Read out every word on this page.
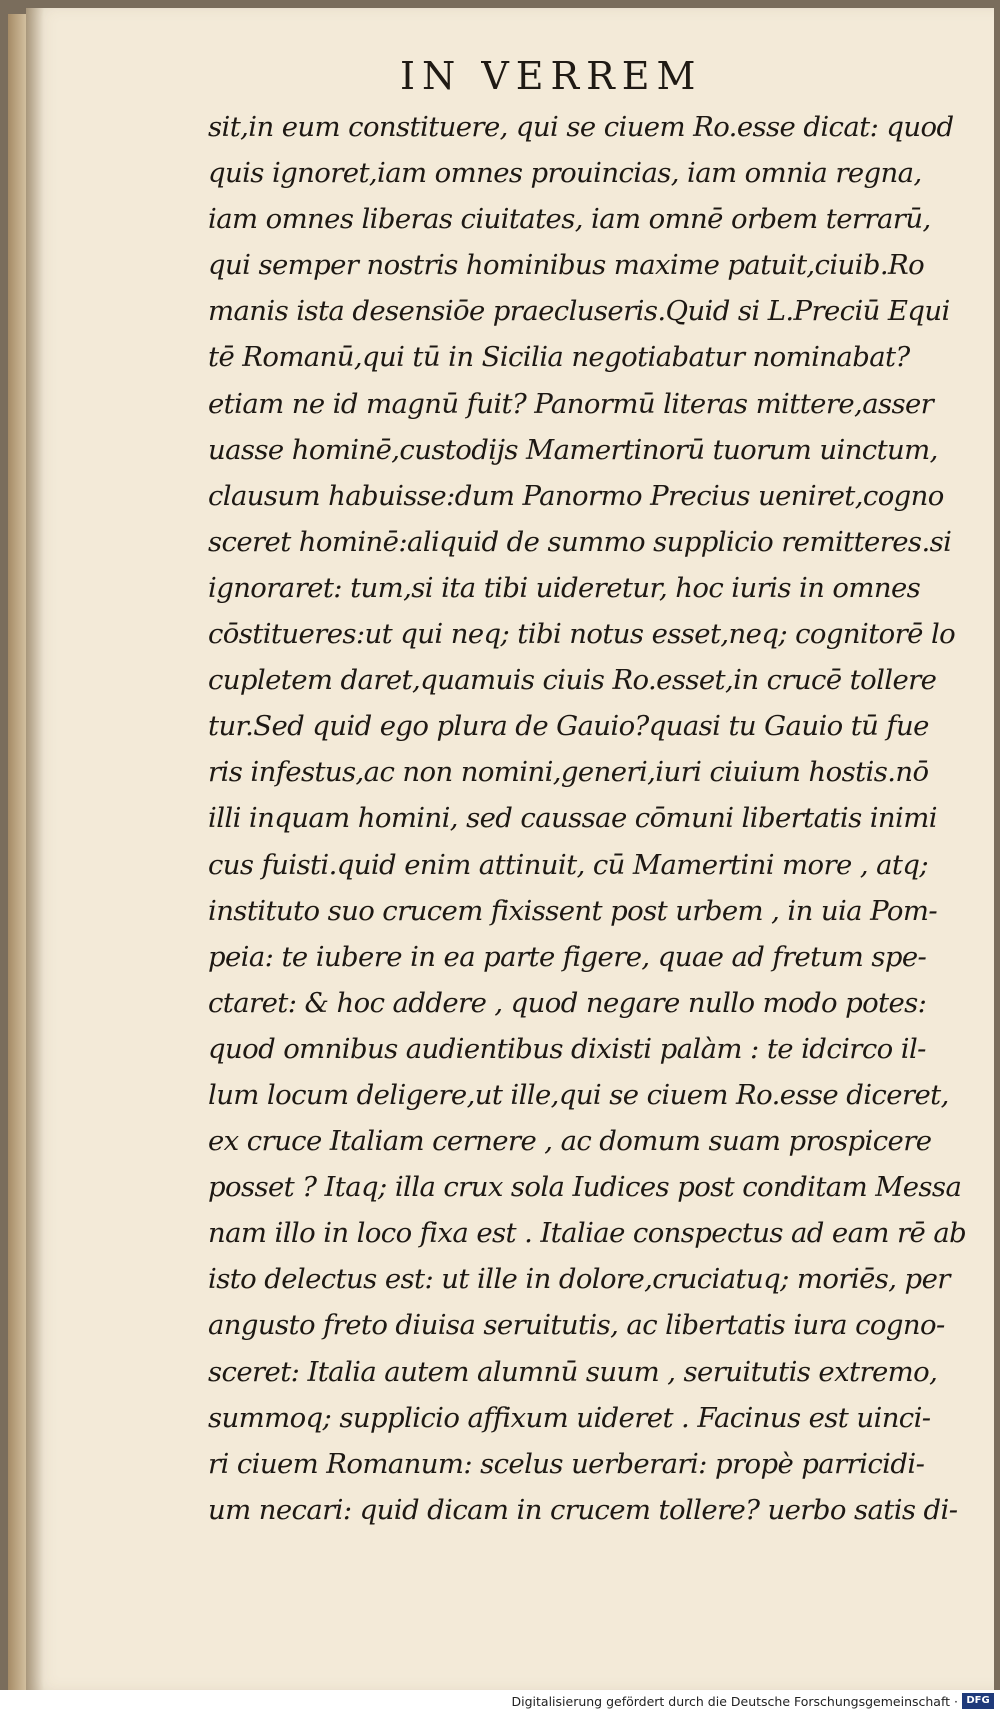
IN VERREM
sit,in eum constituere, qui se ciuem Ro.esse dicat: quod
quis ignoret,iam omnes prouincias, iam omnia regna,
iam omnes liberas ciuitates, iam omnē orbem terrarū,
qui semper nostris hominibus maxime patuit,ciuib.Ro
manis ista desensiōe praecluseris.Quid si L.Preciū Equi
tē Romanū,qui tū in Sicilia negotiabatur nominabat?
etiam ne id magnū fuit? Panormū literas mittere,asser
uasse hominē,custodijs Mamertinorū tuorum uinctum,
clausum habuisse:dum Panormo Precius ueniret,cogno
sceret hominē:aliquid de summo supplicio remitteres.si
ignoraret: tum,si ita tibi uideretur, hoc iuris in omnes
cōstitueres:ut qui neq; tibi notus esset,neq; cognitorē lo
cupletem daret,quamuis ciuis Ro.esset,in crucē tollere
tur.Sed quid ego plura de Gauio?quasi tu Gauio tū fue
ris infestus,ac non nomini,generi,iuri ciuium hostis.nō
illi inquam homini, sed caussae cōmuni libertatis inimi
cus fuisti.quid enim attinuit, cū Mamertini more , atq;
instituto suo crucem fixissent post urbem , in uia Pom-
peia: te iubere in ea parte figere, quae ad fretum spe-
ctaret: & hoc addere , quod negare nullo modo potes:
quod omnibus audientibus dixisti palàm : te idcirco il-
lum locum deligere,ut ille,qui se ciuem Ro.esse diceret,
ex cruce Italiam cernere , ac domum suam prospicere
posset ? Itaq; illa crux sola Iudices post conditam Messa
nam illo in loco fixa est . Italiae conspectus ad eam rē ab
isto delectus est: ut ille in dolore,cruciatuq; moriēs, per
angusto freto diuisa seruitutis, ac libertatis iura cogno-
sceret: Italia autem alumnū suum , seruitutis extremo,
summoq; supplicio affixum uideret . Facinus est uinci-
ri ciuem Romanum: scelus uerberari: propè parricidi-
um necari: quid dicam in crucem tollere? uerbo satis di-
Digitalisierung gefördert durch die Deutsche Forschungsgemeinschaft · DFG
